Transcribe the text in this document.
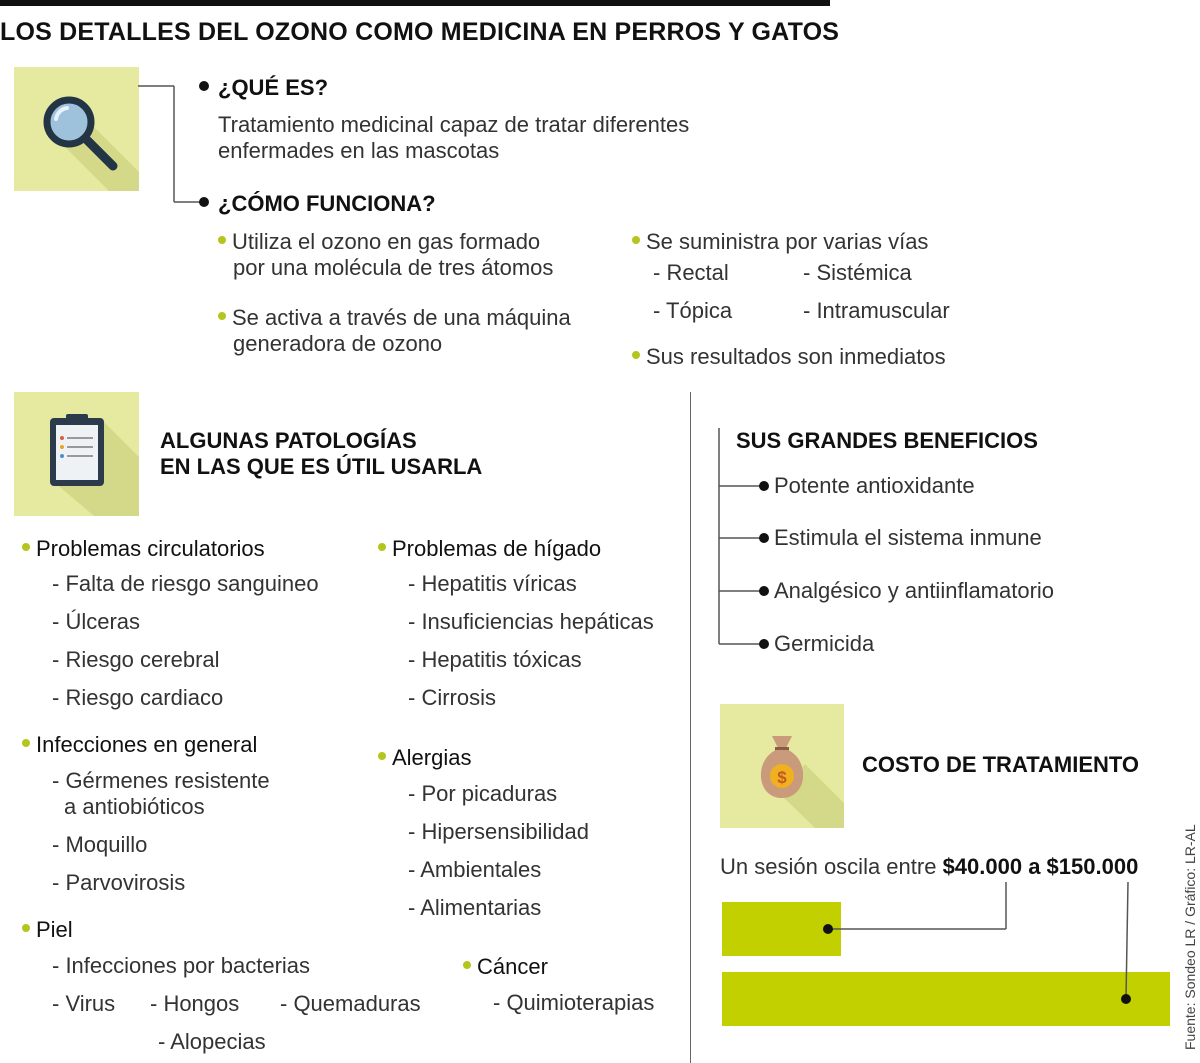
LOS DETALLES DEL OZONO COMO MEDICINA EN PERROS Y GATOS
¿QUÉ ES?
Tratamiento medicinal capaz de tratar diferentes
enfermades en las mascotas
¿CÓMO FUNCIONA?
Utiliza el ozono en gas formado
por una molécula de tres átomos
Se activa a través de una máquina
generadora de ozono
Se suministra por varias vías
- Rectal	- Sistémica
- Tópica	- Intramuscular
Sus resultados son inmediatos
ALGUNAS PATOLOGÍAS
EN LAS QUE ES ÚTIL USARLA
Problemas circulatorios
- Falta de riesgo sanguineo
- Úlceras
- Riesgo cerebral
- Riesgo cardiaco
Infecciones en general
- Gérmenes resistente
a antiobióticos
- Moquillo
- Parvovirosis
Piel
- Infecciones por bacterias
- Virus - Hongos - Quemaduras
- Alopecias
Problemas de hígado
- Hepatitis víricas
- Insuficiencias hepáticas
- Hepatitis tóxicas
- Cirrosis
Alergias
- Por picaduras
- Hipersensibilidad
- Ambientales
- Alimentarias
Cáncer
- Quimioterapias
SUS GRANDES BENEFICIOS
Potente antioxidante
Estimula el sistema inmune
Analgésico y antiinflamatorio
Germicida
$
COSTO DE TRATAMIENTO
Un sesión oscila entre $40.000 a $150.000	Fuente: Sondeo LR / Gráfico: LR-AL
